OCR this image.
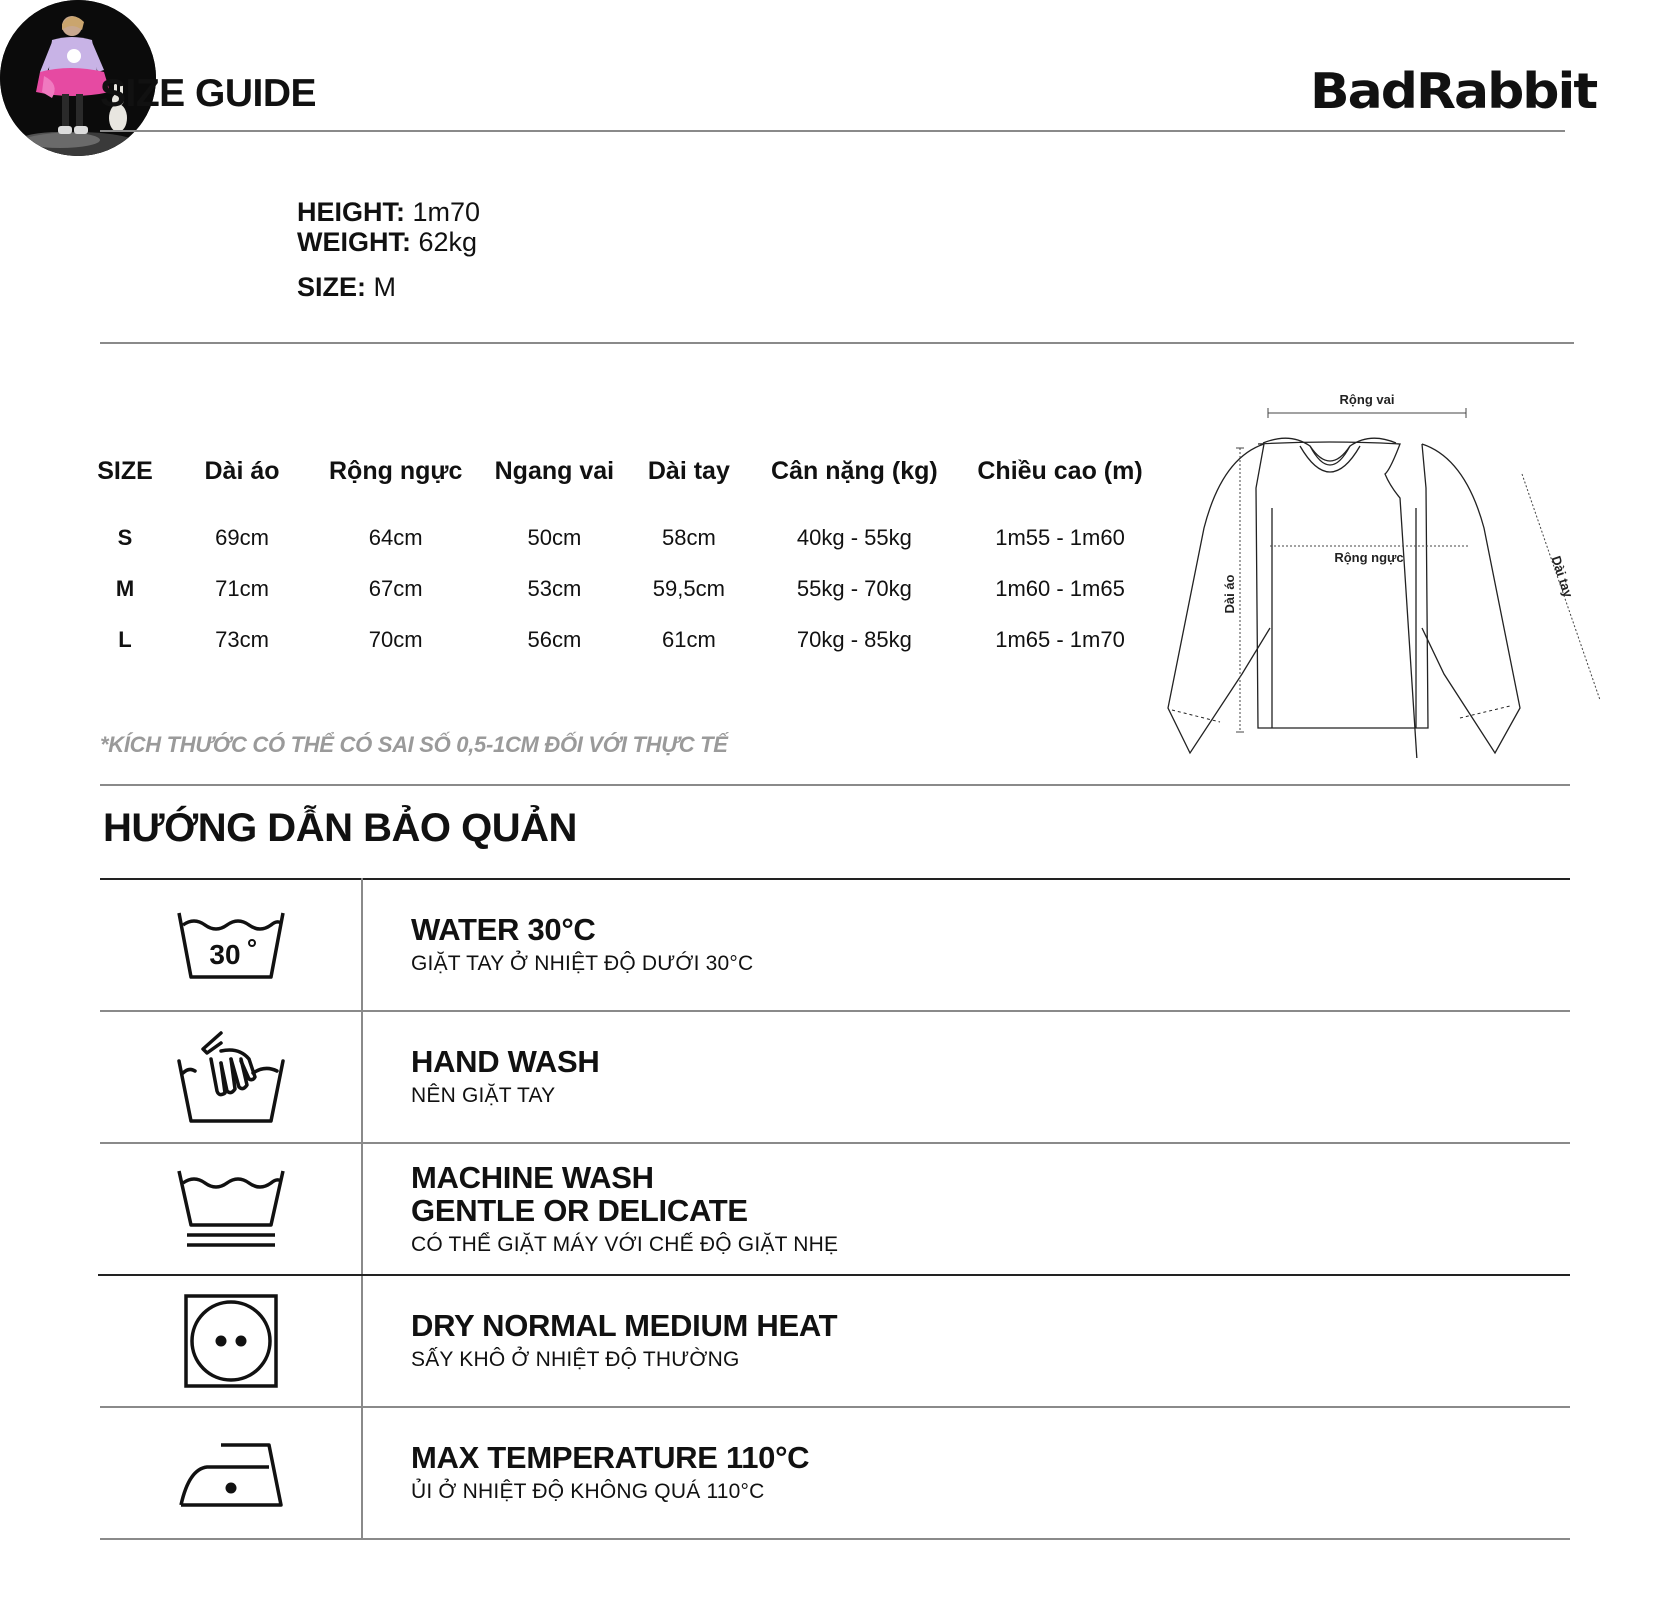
SIZE GUIDE	BadRabbit
HEIGHT: 1m70
WEIGHT: 62kg
SIZE: M
SIZE	Dài áo	Rộng ngực	Ngang vai	Dài tay	Cân nặng (kg)	Chiều cao (m)

S	69cm	64cm	50cm	58cm	40kg - 55kg	1m55 - 1m60
M	71cm	67cm	53cm	59,5cm	55kg - 70kg	1m60 - 1m65
L	73cm	70cm	56cm	61cm	70kg - 85kg	1m65 - 1m70
*KÍCH THƯỚC CÓ THỂ CÓ SAI SỐ 0,5-1CM ĐỐI VỚI THỰC TẾ
Rộng vai
Rộng ngực
Dài áo	Dài tay
HƯỚNG DẪN BẢO QUẢN
30
WATER 30°C
GIẶT TAY Ở NHIỆT ĐỘ DƯỚI 30°C
HAND WASH
NÊN GIẶT TAY
MACHINE WASH
GENTLE OR DELICATE
CÓ THỂ GIẶT MÁY VỚI CHẾ ĐỘ GIẶT NHẸ
DRY NORMAL MEDIUM HEAT
SẤY KHÔ Ở NHIỆT ĐỘ THƯỜNG
MAX TEMPERATURE 110°C
ỦI Ở NHIỆT ĐỘ KHÔNG QUÁ 110°C
